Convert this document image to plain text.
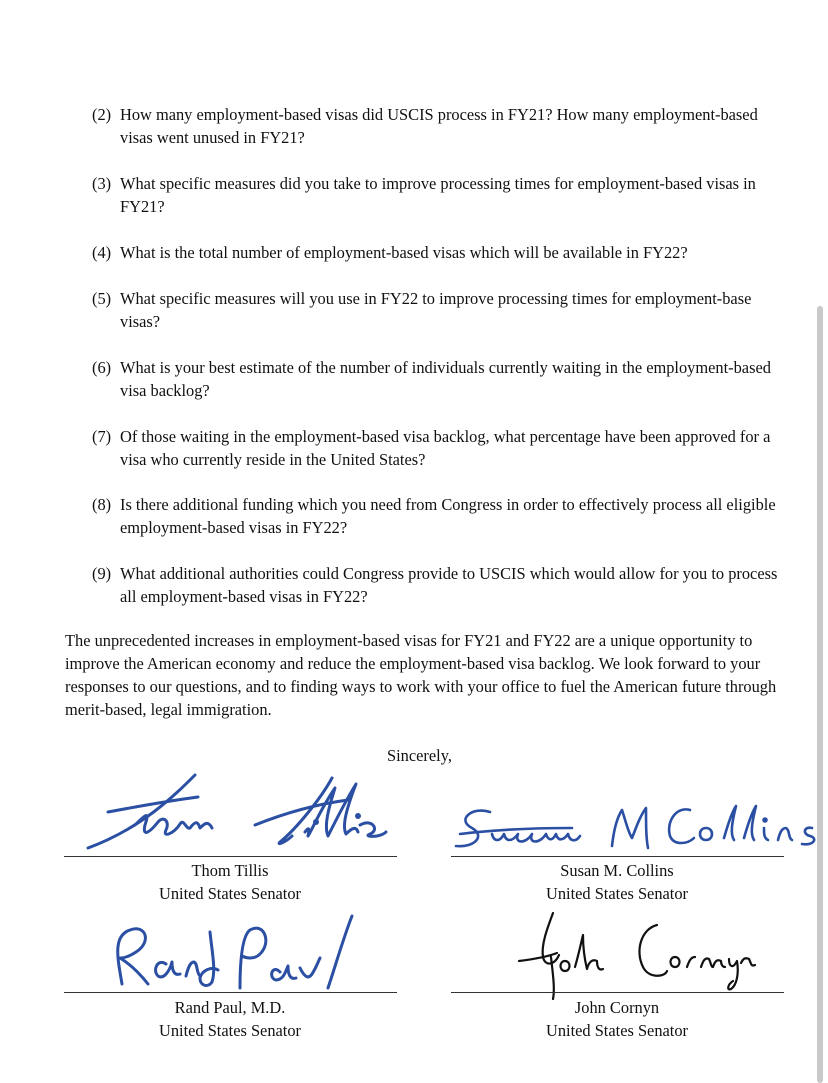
(2) How many employment-based visas did USCIS process in FY21? How many employment-based visas went unused in FY21?
(3) What specific measures did you take to improve processing times for employment-based visas in FY21?
(4) What is the total number of employment-based visas which will be available in FY22?
(5) What specific measures will you use in FY22 to improve processing times for employment-base visas?
(6) What is your best estimate of the number of individuals currently waiting in the employment-based visa backlog?
(7) Of those waiting in the employment-based visa backlog, what percentage have been approved for a visa who currently reside in the United States?
(8) Is there additional funding which you need from Congress in order to effectively process all eligible employment-based visas in FY22?
(9) What additional authorities could Congress provide to USCIS which would allow for you to process all employment-based visas in FY22?
The unprecedented increases in employment-based visas for FY21 and FY22 are a unique opportunity to improve the American economy and reduce the employment-based visa backlog. We look forward to your responses to our questions, and to finding ways to work with your office to fuel the American future through merit-based, legal immigration.
Sincerely,
Thom Tillis
United States Senator
Susan M. Collins
United States Senator
Rand Paul, M.D.
United States Senator
John Cornyn
United States Senator
